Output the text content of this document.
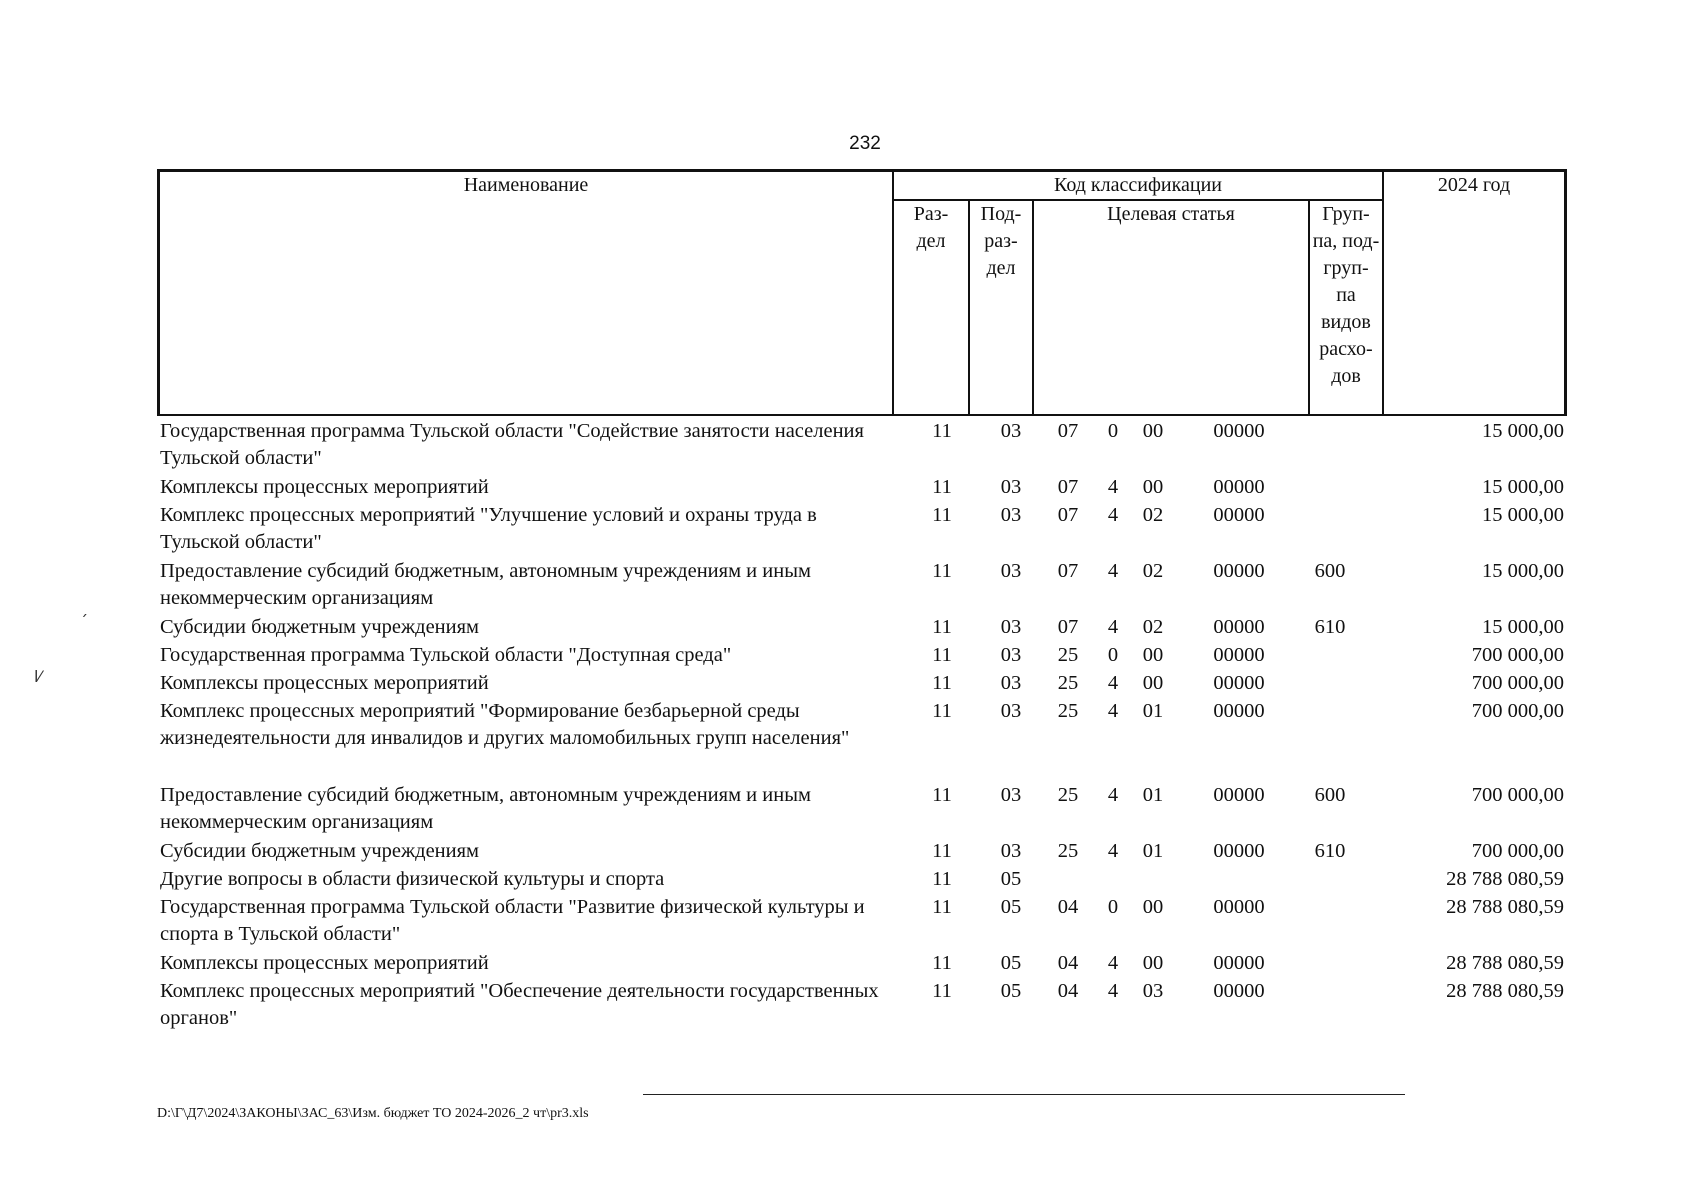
232
Наименование	Код классификации
Раз-
дел
Под-
раз-
дел
Целевая статья	Груп-
па, под-
груп-
па
видов
расхо-
дов
2024 год
Государственная программа Тульской области "Содействие занятости населения Тульской области"
11	03	07	0	00	00000	15 000,00
Комплексы процессных мероприятий	11	03	07	4	00	00000	15 000,00
Комплекс процессных мероприятий "Улучшение условий и охраны труда в Тульской области"
11	03	07	4	02	00000	15 000,00
Предоставление субсидий бюджетным, автономным учреждениям и иным некоммерческим организациям
11	03	07	4	02	00000	600	15 000,00
Субсидии бюджетным учреждениям	11	03	07	4	02	00000	610	15 000,00
Государственная программа Тульской области "Доступная среда"	11	03	25	0	00	00000	700 000,00
Комплексы процессных мероприятий	11	03	25	4	00	00000	700 000,00
Комплекс процессных мероприятий "Формирование безбарьерной среды жизнедеятельности для инвалидов и других маломобильных групп населения"
11	03	25	4	01	00000	700 000,00
Предоставление субсидий бюджетным, автономным учреждениям и иным некоммерческим организациям
11	03	25	4	01	00000	600	700 000,00
Субсидии бюджетным учреждениям	11	03	25	4	01	00000	610	700 000,00
Другие вопросы в области физической культуры и спорта	11	05	28 788 080,59
Государственная программа Тульской области "Развитие физической культуры и спорта в Тульской области"
11	05	04	0	00	00000	28 788 080,59
Комплексы процессных мероприятий	11	05	04	4	00	00000	28 788 080,59
Комплекс процессных мероприятий "Обеспечение деятельности государственных органов"
11	05	04	4	03	00000	28 788 080,59
D:\Г\Д7\2024\ЗАКОНЫ\ЗАС_63\Изм. бюджет ТО 2024-2026_2 чт\pr3.xls
ˏ
ⅼ⁄
